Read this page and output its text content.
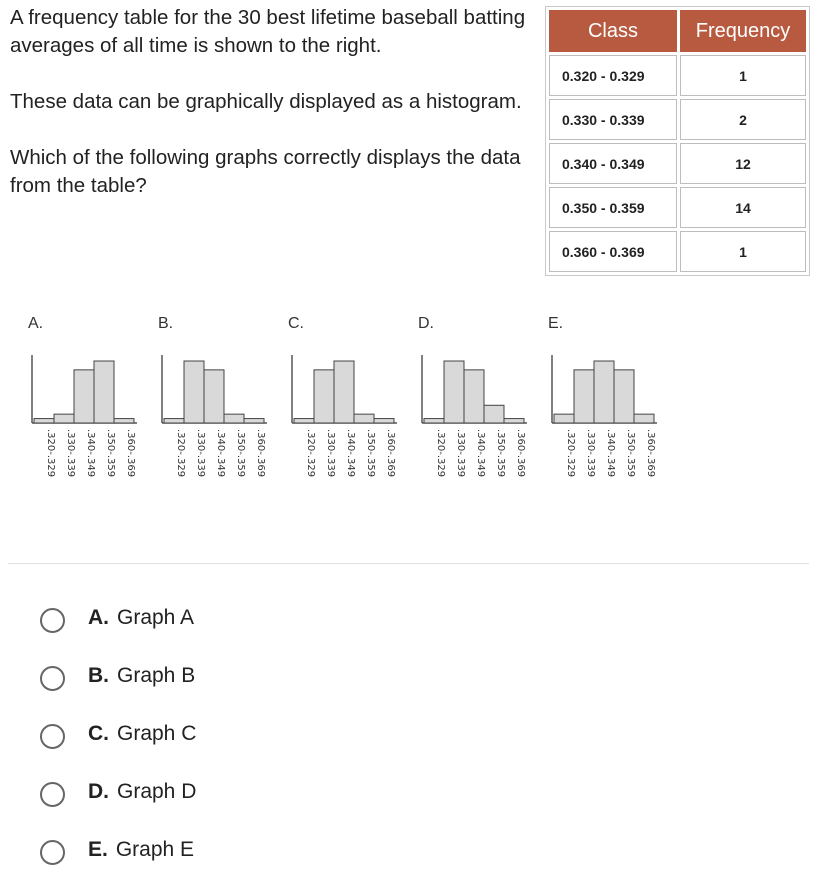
A frequency table for the 30 best lifetime baseball batting averages of all time is shown to the right.

These data can be graphically displayed as a histogram.

Which of the following graphs correctly displays the data from the table?

Class	Frequency
0.320 - 0.329	1
0.330 - 0.339	2
0.340 - 0.349	12
0.350 - 0.359	14
0.360 - 0.369	1
A.	B.	C.	D.	E.
.320-.329 .330-.339 .340-.349 .350-.359 .360-.369	.320-.329 .330-.339 .340-.349 .350-.359 .360-.369	.320-.329 .330-.339 .340-.349 .350-.359 .360-.369	.320-.329 .330-.339 .340-.349 .350-.359 .360-.369	.320-.329 .330-.339 .340-.349 .350-.359 .360-.369
A. Graph A
B. Graph B
C. Graph C
D. Graph D
E. Graph E
